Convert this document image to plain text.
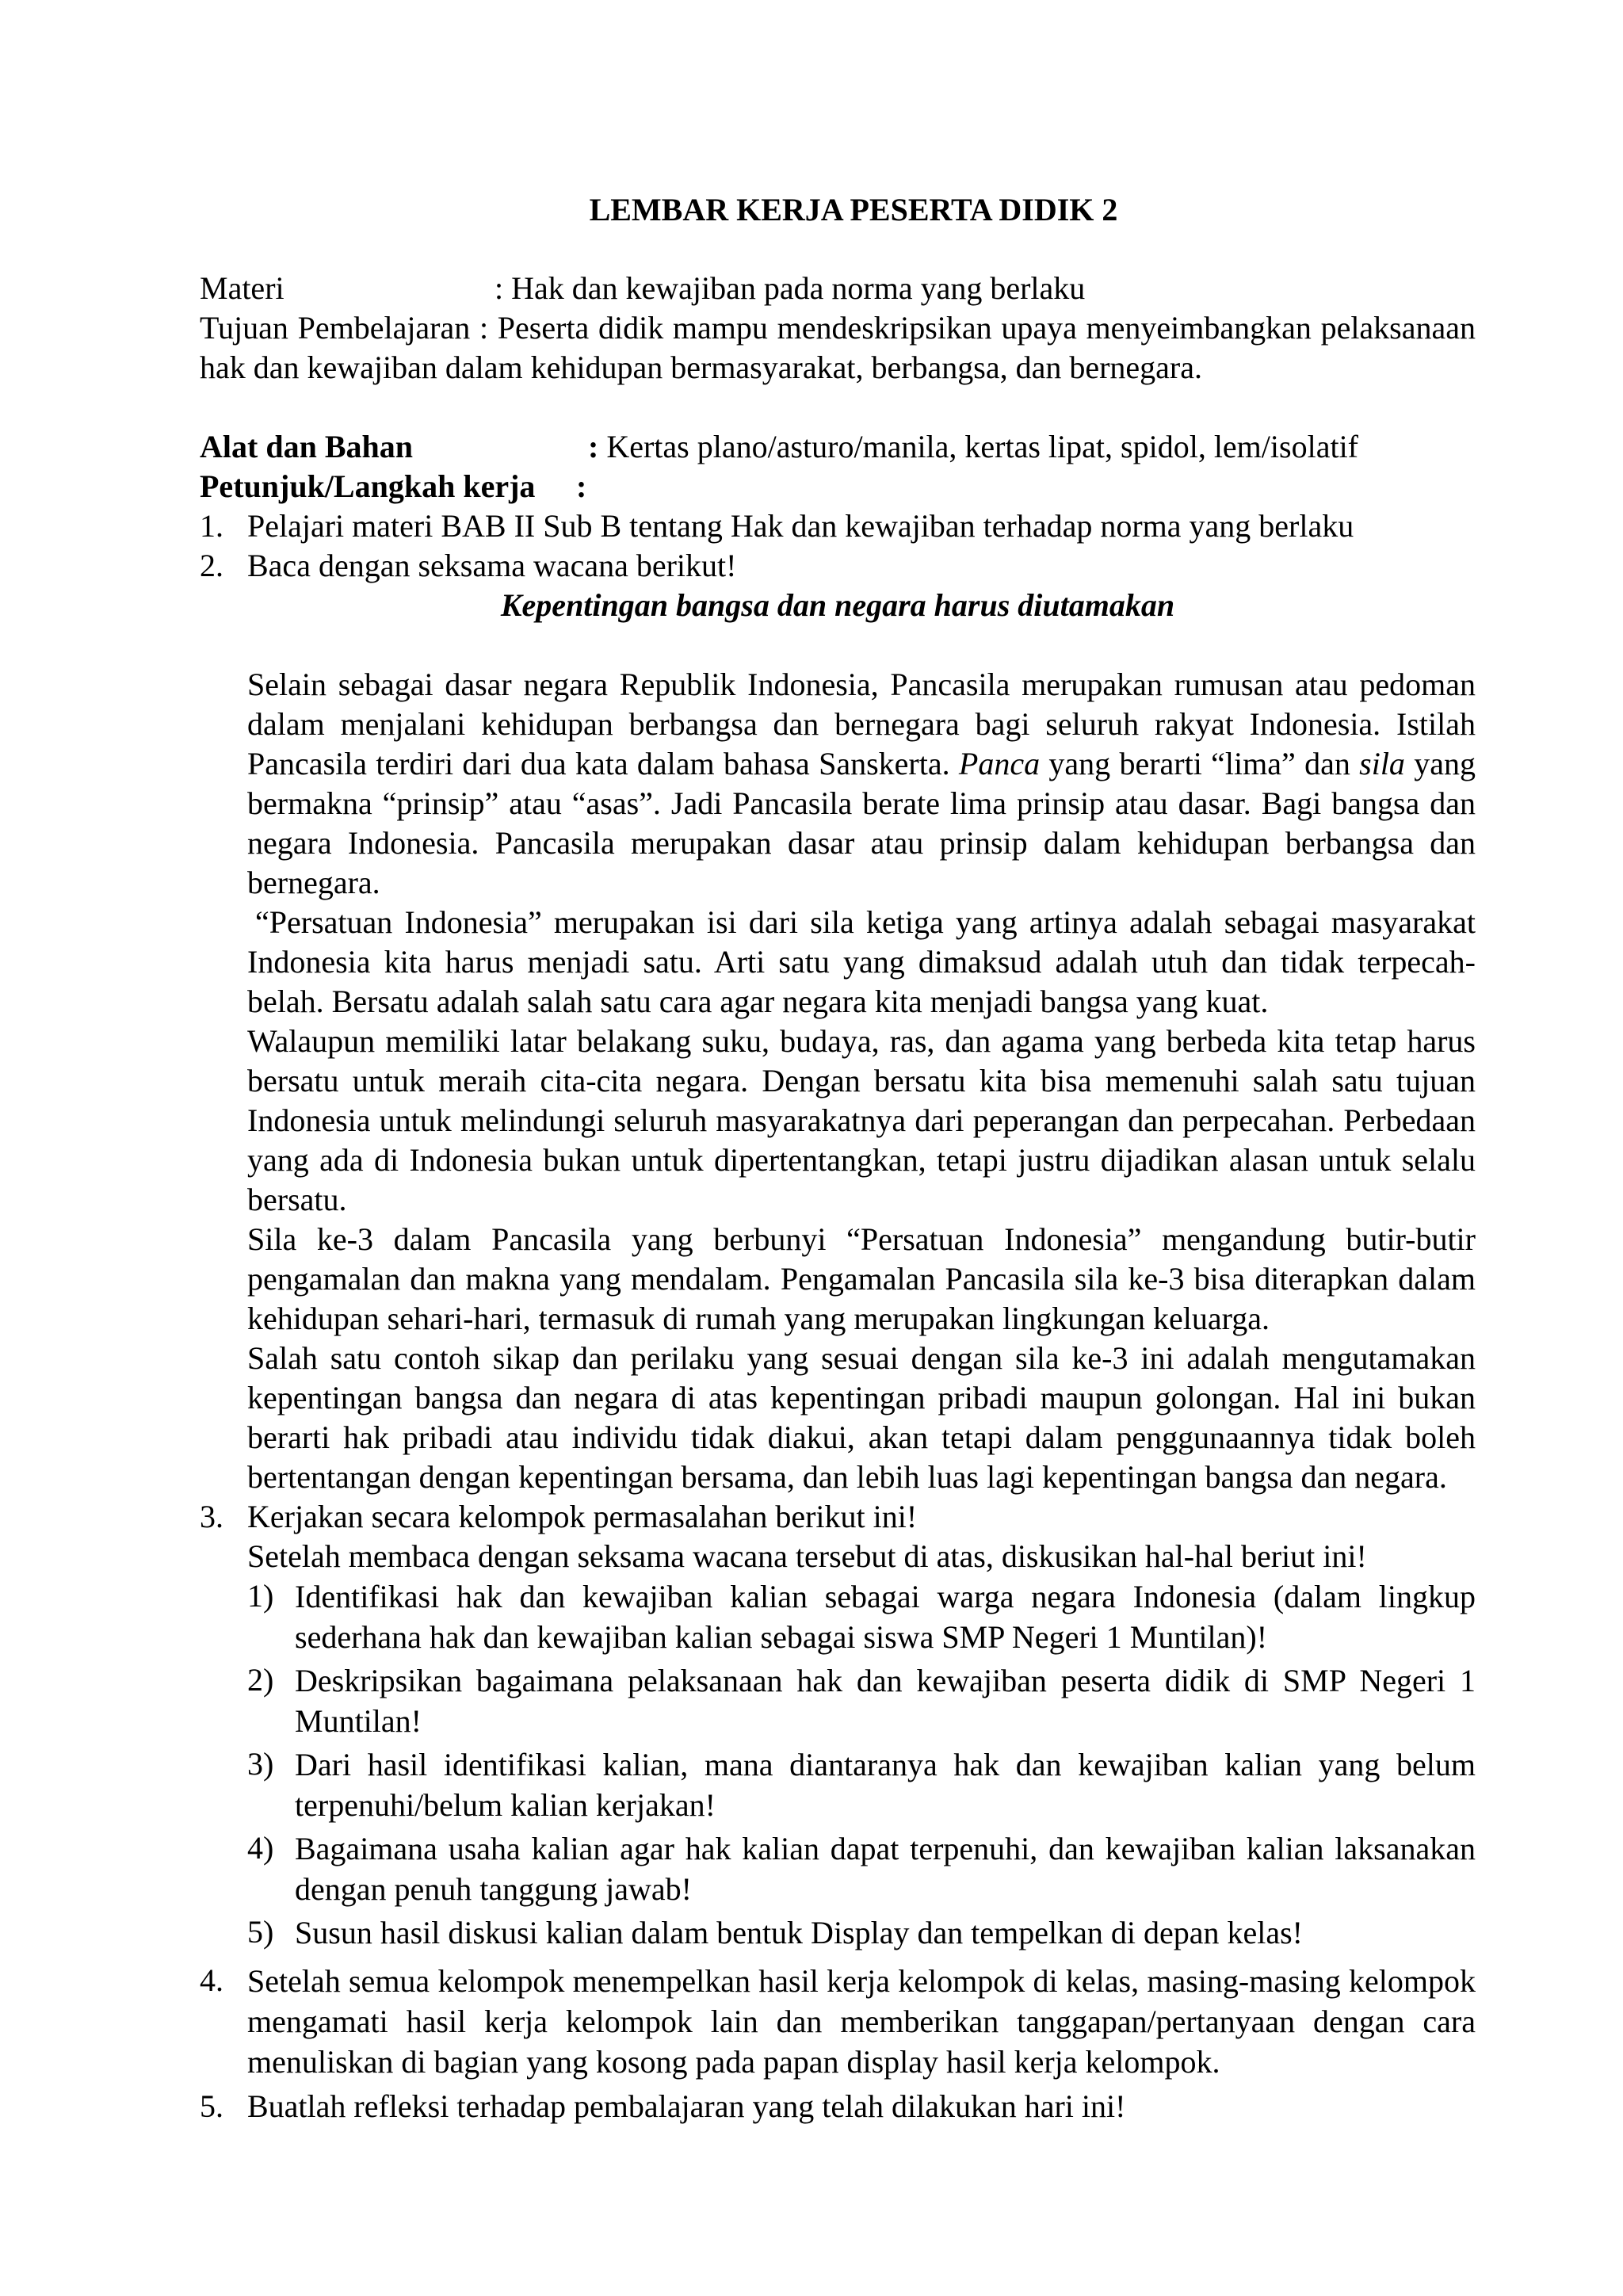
LEMBAR KERJA PESERTA DIDIK 2
Materi	: Hak dan kewajiban pada norma yang berlaku
Tujuan Pembelajaran : Peserta didik mampu mendeskripsikan upaya menyeimbangkan pelaksanaan hak dan kewajiban dalam kehidupan bermasyarakat, berbangsa, dan bernegara.
Alat dan Bahan	: Kertas plano/asturo/manila, kertas lipat, spidol, lem/isolatif
Petunjuk/Langkah kerja	:
1. Pelajari materi BAB II Sub B tentang Hak dan kewajiban terhadap norma yang berlaku
2. Baca dengan seksama wacana berikut!
Kepentingan bangsa dan negara harus diutamakan

Selain sebagai dasar negara Republik Indonesia, Pancasila merupakan rumusan atau pedoman dalam menjalani kehidupan berbangsa dan bernegara bagi seluruh rakyat Indonesia. Istilah Pancasila terdiri dari dua kata dalam bahasa Sanskerta. Panca yang berarti “lima” dan sila yang bermakna “prinsip” atau “asas”. Jadi Pancasila berate lima prinsip atau dasar. Bagi bangsa dan negara Indonesia. Pancasila merupakan dasar atau prinsip dalam kehidupan berbangsa dan bernegara.

“Persatuan Indonesia” merupakan isi dari sila ketiga yang artinya adalah sebagai masyarakat Indonesia kita harus menjadi satu. Arti satu yang dimaksud adalah utuh dan tidak terpecah-belah. Bersatu adalah salah satu cara agar negara kita menjadi bangsa yang kuat.

Walaupun memiliki latar belakang suku, budaya, ras, dan agama yang berbeda kita tetap harus bersatu untuk meraih cita-cita negara. Dengan bersatu kita bisa memenuhi salah satu tujuan Indonesia untuk melindungi seluruh masyarakatnya dari peperangan dan perpecahan. Perbedaan yang ada di Indonesia bukan untuk dipertentangkan, tetapi justru dijadikan alasan untuk selalu bersatu.

Sila ke-3 dalam Pancasila yang berbunyi “Persatuan Indonesia” mengandung butir-butir pengamalan dan makna yang mendalam. Pengamalan Pancasila sila ke-3 bisa diterapkan dalam kehidupan sehari-hari, termasuk di rumah yang merupakan lingkungan keluarga.

Salah satu contoh sikap dan perilaku yang sesuai dengan sila ke-3 ini adalah mengutamakan kepentingan bangsa dan negara di atas kepentingan pribadi maupun golongan. Hal ini bukan berarti hak pribadi atau individu tidak diakui, akan tetapi dalam penggunaannya tidak boleh bertentangan dengan kepentingan bersama, dan lebih luas lagi kepentingan bangsa dan negara.

3. Kerjakan secara kelompok permasalahan berikut ini!
Setelah membaca dengan seksama wacana tersebut di atas, diskusikan hal-hal beriut ini!
1) Identifikasi hak dan kewajiban kalian sebagai warga negara Indonesia (dalam lingkup sederhana hak dan kewajiban kalian sebagai siswa SMP Negeri 1 Muntilan)!
2) Deskripsikan bagaimana pelaksanaan hak dan kewajiban peserta didik di SMP Negeri 1 Muntilan!
3) Dari hasil identifikasi kalian, mana diantaranya hak dan kewajiban kalian yang belum terpenuhi/belum kalian kerjakan!
4) Bagaimana usaha kalian agar hak kalian dapat terpenuhi, dan kewajiban kalian laksanakan dengan penuh tanggung jawab!
5) Susun hasil diskusi kalian dalam bentuk Display dan tempelkan di depan kelas!
4. Setelah semua kelompok menempelkan hasil kerja kelompok di kelas, masing-masing kelompok mengamati hasil kerja kelompok lain dan memberikan tanggapan/pertanyaan dengan cara menuliskan di bagian yang kosong pada papan display hasil kerja kelompok.
5. Buatlah refleksi terhadap pembalajaran yang telah dilakukan hari ini!
